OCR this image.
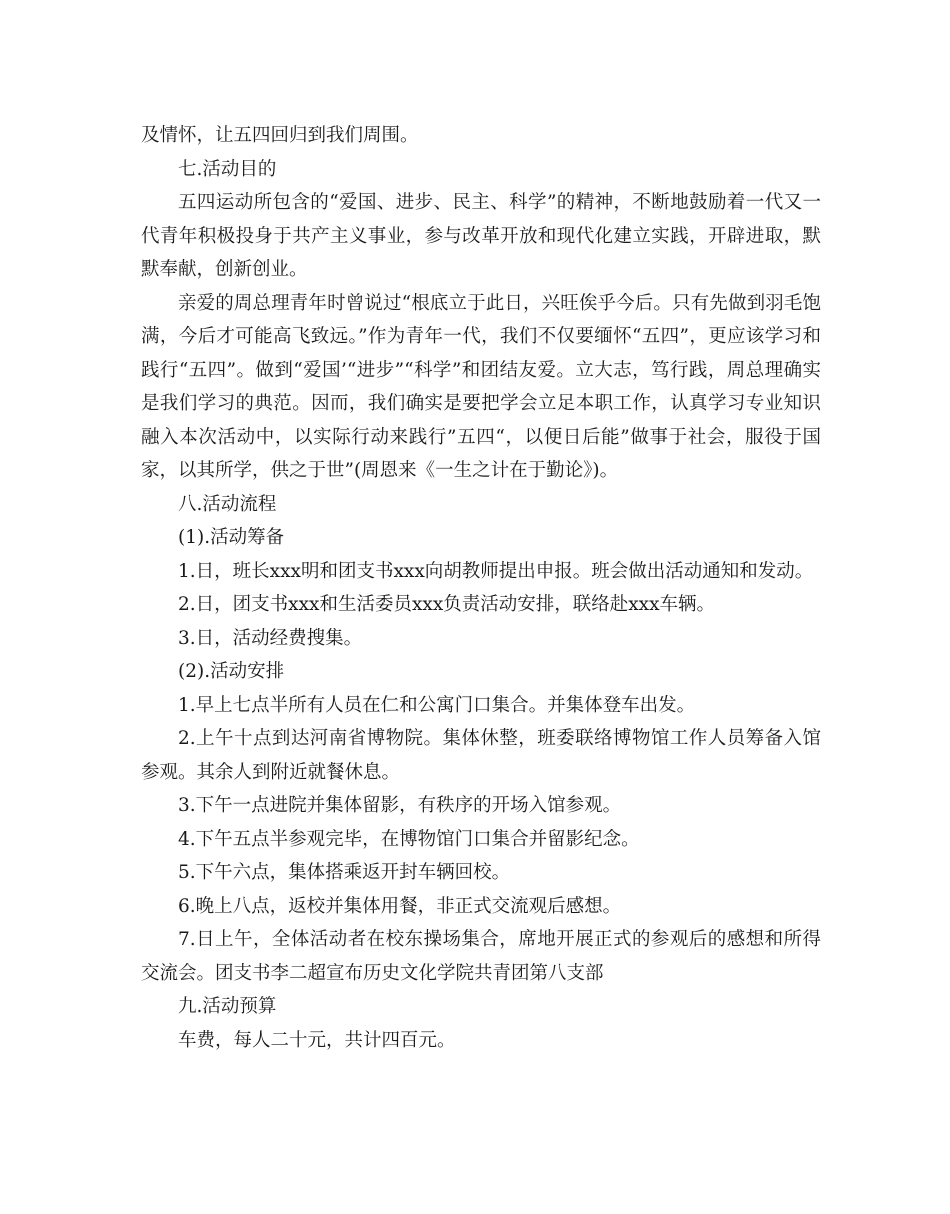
及情怀，让五四回归到我们周围。

七.活动目的

五四运动所包含的“爱国、进步、民主、科学”的精神，不断地鼓励着一代又一代青年积极投身于共产主义事业，参与改革开放和现代化建立实践，开辟进取，默默奉献，创新创业。

亲爱的周总理青年时曾说过“根底立于此日，兴旺俟乎今后。只有先做到羽毛饱满，今后才可能高飞致远。”作为青年一代，我们不仅要缅怀“五四”，更应该学习和践行“五四”。做到“爱国’“进步”“科学”和团结友爱。立大志，笃行践，周总理确实是我们学习的典范。因而，我们确实是要把学会立足本职工作，认真学习专业知识融入本次活动中，以实际行动来践行”五四“，以便日后能”做事于社会，服役于国家，以其所学，供之于世”(周恩来《一生之计在于勤论》)。

八.活动流程

(1).活动筹备

1.日，班长xxx明和团支书xxx向胡教师提出申报。班会做出活动通知和发动。

2.日，团支书xxx和生活委员xxx负责活动安排，联络赴xxx车辆。

3.日，活动经费搜集。

(2).活动安排

1.早上七点半所有人员在仁和公寓门口集合。并集体登车出发。

2.上午十点到达河南省博物院。集体休整，班委联络博物馆工作人员筹备入馆参观。其余人到附近就餐休息。

3.下午一点进院并集体留影，有秩序的开场入馆参观。

4.下午五点半参观完毕，在博物馆门口集合并留影纪念。

5.下午六点，集体搭乘返开封车辆回校。

6.晚上八点，返校并集体用餐，非正式交流观后感想。

7.日上午，全体活动者在校东操场集合，席地开展正式的参观后的感想和所得交流会。团支书李二超宣布历史文化学院共青团第八支部

九.活动预算

车费，每人二十元，共计四百元。
